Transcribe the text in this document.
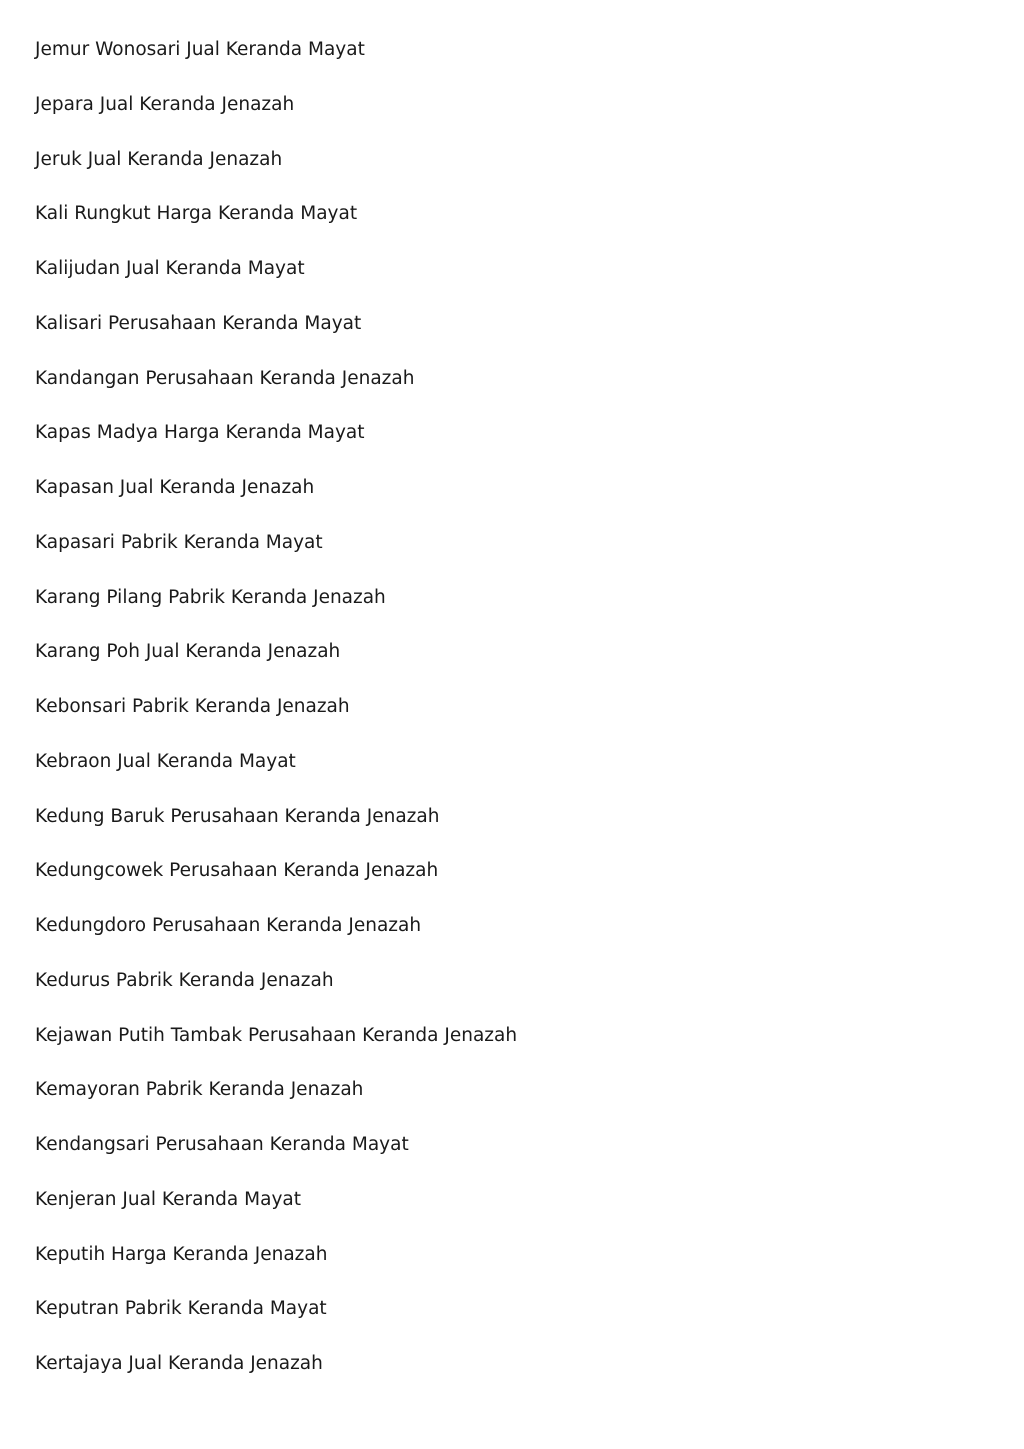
Jemur Wonosari Jual Keranda Mayat
Jepara Jual Keranda Jenazah
Jeruk Jual Keranda Jenazah
Kali Rungkut Harga Keranda Mayat
Kalijudan Jual Keranda Mayat
Kalisari Perusahaan Keranda Mayat
Kandangan Perusahaan Keranda Jenazah
Kapas Madya Harga Keranda Mayat
Kapasan Jual Keranda Jenazah
Kapasari Pabrik Keranda Mayat
Karang Pilang Pabrik Keranda Jenazah
Karang Poh Jual Keranda Jenazah
Kebonsari Pabrik Keranda Jenazah
Kebraon Jual Keranda Mayat
Kedung Baruk Perusahaan Keranda Jenazah
Kedungcowek Perusahaan Keranda Jenazah
Kedungdoro Perusahaan Keranda Jenazah
Kedurus Pabrik Keranda Jenazah
Kejawan Putih Tambak Perusahaan Keranda Jenazah
Kemayoran Pabrik Keranda Jenazah
Kendangsari Perusahaan Keranda Mayat
Kenjeran Jual Keranda Mayat
Keputih Harga Keranda Jenazah
Keputran Pabrik Keranda Mayat
Kertajaya Jual Keranda Jenazah
